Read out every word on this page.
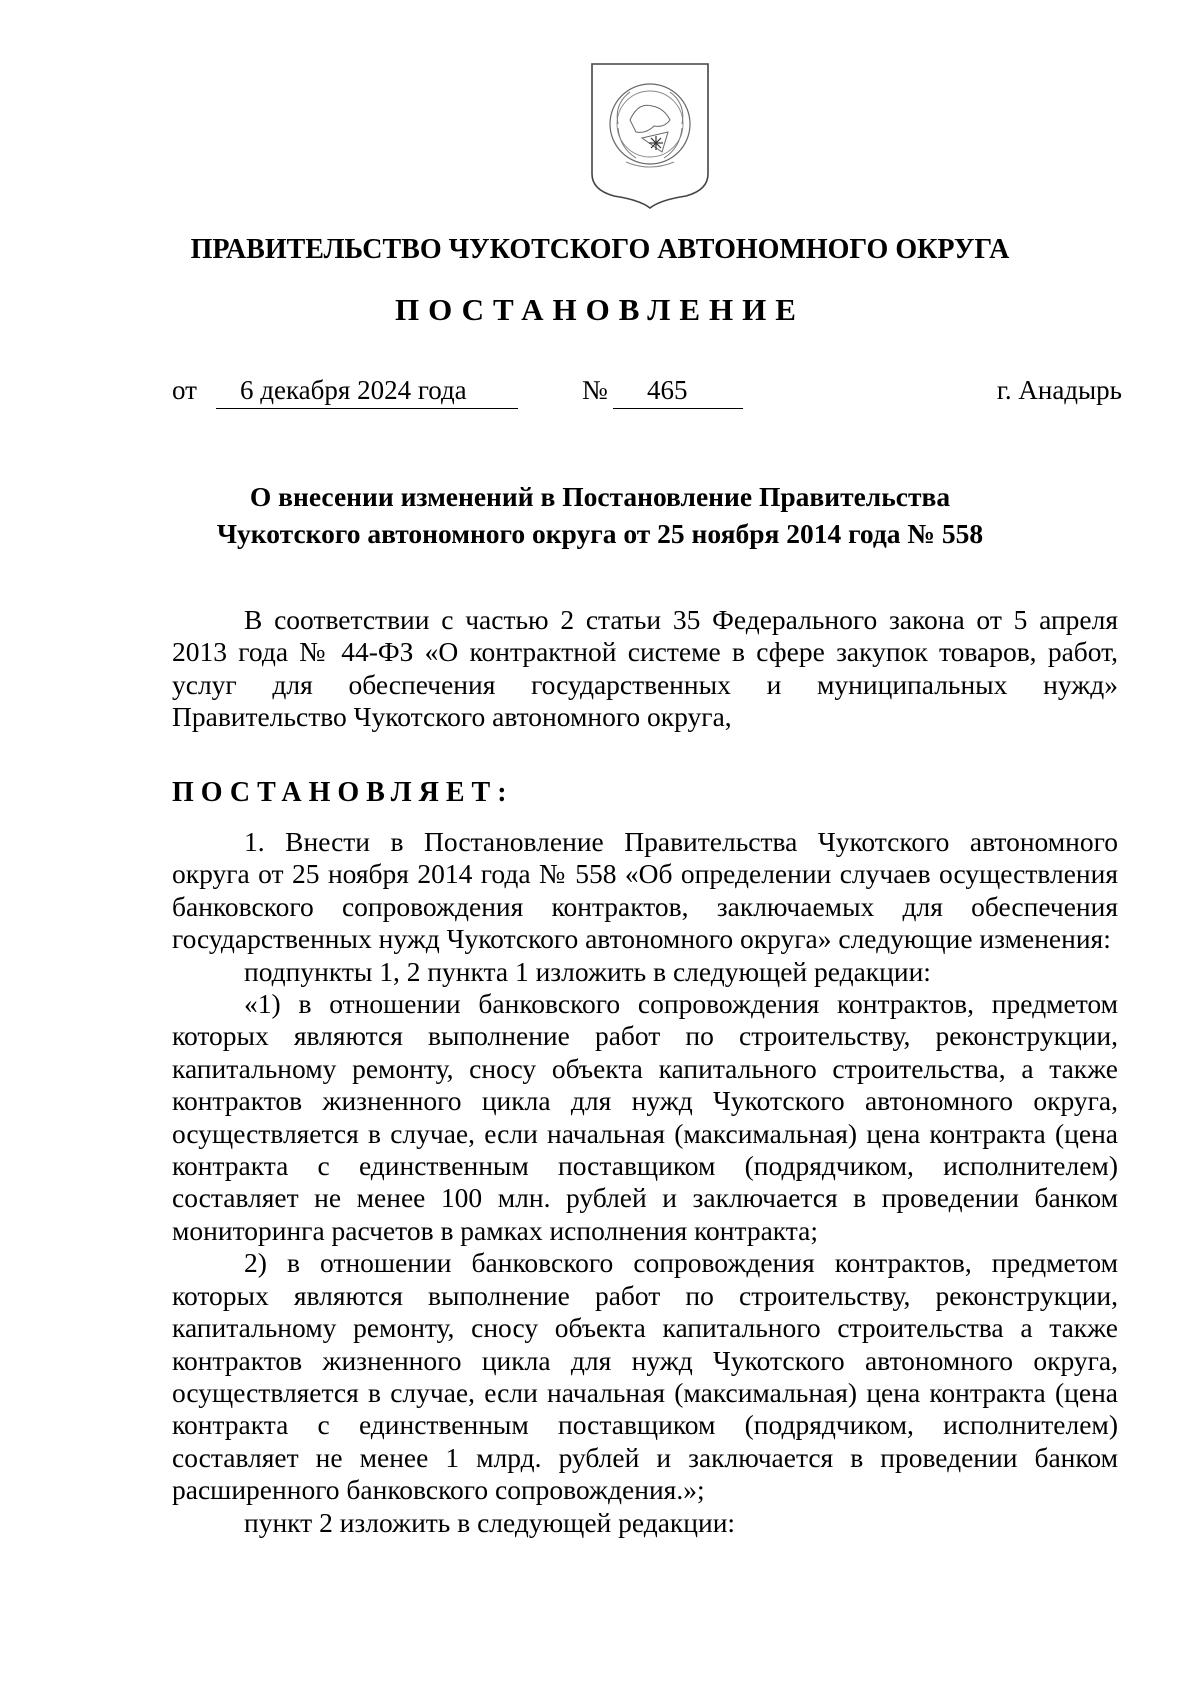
ПРАВИТЕЛЬСТВО ЧУКОТСКОГО АВТОНОМНОГО ОКРУГА
ПОСТАНОВЛЕНИЕ
от 6 декабря 2024 года	№ 465	г. Анадырь
О внесении изменений в Постановление Правительства
Чукотского автономного округа от 25 ноября 2014 года № 558

В соответствии с частью 2 статьи 35 Федерального закона от 5 апреля 2013 года № 44-ФЗ «О контрактной системе в сфере закупок товаров, работ, услуг для обеспечения государственных и муниципальных нужд» Правительство Чукотского автономного округа,

ПОСТАНОВЛЯЕТ:

1. Внести в Постановление Правительства Чукотского автономного округа от 25 ноября 2014 года № 558 «Об определении случаев осуществления банковского сопровождения контрактов, заключаемых для обеспечения государственных нужд Чукотского автономного округа» следующие изменения:

подпункты 1, 2 пункта 1 изложить в следующей редакции:

«1) в отношении банковского сопровождения контрактов, предметом которых являются выполнение работ по строительству, реконструкции, капитальному ремонту, сносу объекта капитального строительства, а также контрактов жизненного цикла для нужд Чукотского автономного округа, осуществляется в случае, если начальная (максимальная) цена контракта (цена контракта с единственным поставщиком (подрядчиком, исполнителем) составляет не менее 100 млн. рублей и заключается в проведении банком мониторинга расчетов в рамках исполнения контракта;

2) в отношении банковского сопровождения контрактов, предметом которых являются выполнение работ по строительству, реконструкции, капитальному ремонту, сносу объекта капитального строительства а также контрактов жизненного цикла для нужд Чукотского автономного округа, осуществляется в случае, если начальная (максимальная) цена контракта (цена контракта с единственным поставщиком (подрядчиком, исполнителем) составляет не менее 1 млрд. рублей и заключается в проведении банком расширенного банковского сопровождения.»;

пункт 2 изложить в следующей редакции:
